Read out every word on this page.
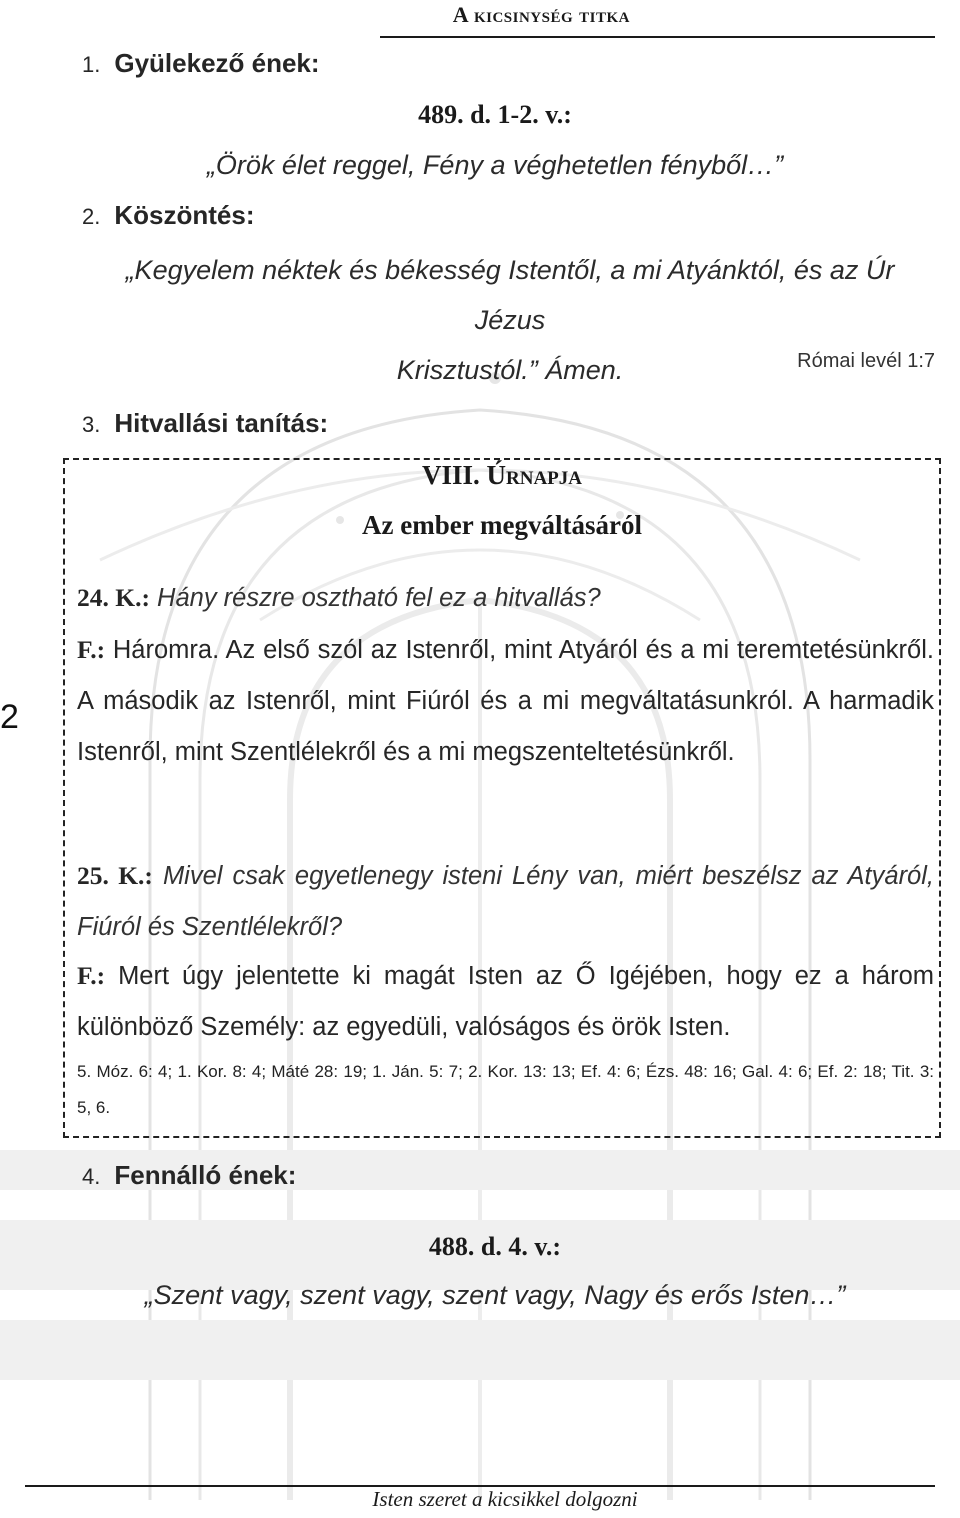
A kicsinység titka
1. Gyülekező ének:
489. d. 1-2. v.:
„Örök élet reggel, Fény a véghetetlen fényből…”
2. Köszöntés:
„Kegyelem néktek és békesség Istentől, a mi Atyánktól, és az Úr Jézus
Krisztustól.” Ámen.	Római levél 1:7
3. Hitvallási tanítás:
VIII. Úrnapja
Az ember megváltásáról
24. K.: Hány részre osztható fel ez a hitvallás?
F.: Háromra. Az első szól az Istenről, mint Atyáról és a mi teremtetésünkről. A második az Istenről, mint Fiúról és a mi megváltatásunkról. A harmadik Istenről, mint Szentlélekről és a mi megszenteltetésünkről.
25. K.: Mivel csak egyetlenegy isteni Lény van, miért beszélsz az Atyáról, Fiúról és Szentlélekről?
F.: Mert úgy jelentette ki magát Isten az Ő Igéjében, hogy ez a három különböző Személy: az egyedüli, valóságos és örök Isten.
5. Móz. 6: 4; 1. Kor. 8: 4; Máté 28: 19; 1. Ján. 5: 7; 2. Kor. 13: 13; Ef. 4: 6; Ézs. 48: 16; Gal. 4: 6; Ef. 2: 18; Tit. 3: 5, 6.
2
4. Fennálló ének:
488. d. 4. v.:
„Szent vagy, szent vagy, szent vagy, Nagy és erős Isten…”
Isten szeret a kicsikkel dolgozni
